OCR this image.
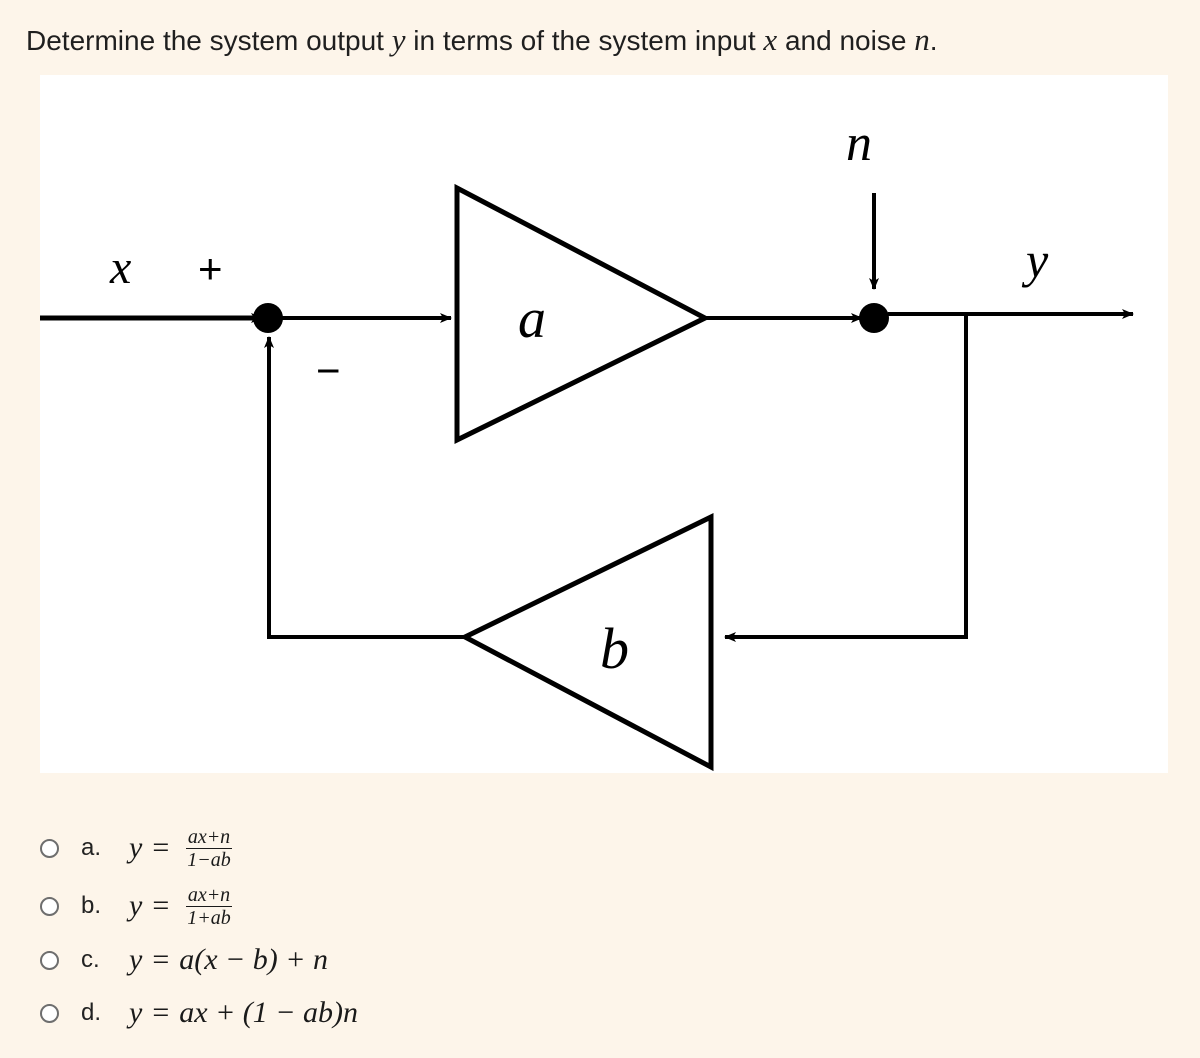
Determine the system output y in terms of the system input x and noise n.
x +
−
a
b
n
y
a. $y = \frac{ax+n}{1-ab}$
b. $y = \frac{ax+n}{1+ab}$
c. y = a(x − b) + n
d. y = ax + (1 − ab)n
